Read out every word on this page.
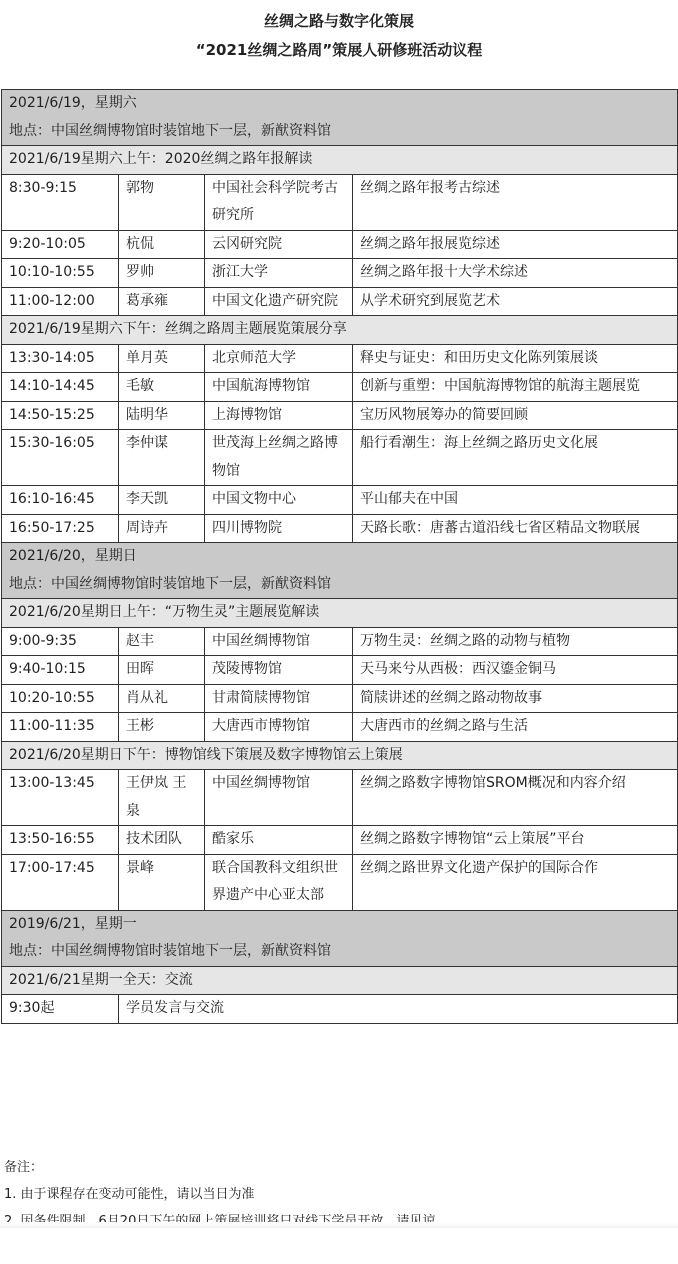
丝绸之路与数字化策展
“2021丝绸之路周”策展人研修班活动议程
2021/6/19，星期六
地点：中国丝绸博物馆时装馆地下一层，新猷资料馆			

2021/6/19星期六上午：2020丝绸之路年报解读			
8:30-9:15	郭物	中国社会科学院考古研究所	丝绸之路年报考古综述
9:20-10:05	杭侃	云冈研究院	丝绸之路年报展览综述
10:10-10:55	罗帅	浙江大学	丝绸之路年报十大学术综述
11:00-12:00	葛承雍	中国文化遗产研究院	从学术研究到展览艺术
2021/6/19星期六下午：丝绸之路周主题展览策展分享			
13:30-14:05	单月英	北京师范大学	释史与证史：和田历史文化陈列策展谈
14:10-14:45	毛敏	中国航海博物馆	创新与重塑：中国航海博物馆的航海主题展览
14:50-15:25	陆明华	上海博物馆	宝历风物展筹办的简要回顾
15:30-16:05	李仲谋	世茂海上丝绸之路博物馆	船行看潮生：海上丝绸之路历史文化展
16:10-16:45	李天凯	中国文物中心	平山郁夫在中国
16:50-17:25	周诗卉	四川博物院	天路长歌：唐蕃古道沿线七省区精品文物联展

2021/6/20，星期日
地点：中国丝绸博物馆时装馆地下一层，新猷资料馆			

2021/6/20星期日上午：“万物生灵”主题展览解读			
9:00-9:35	赵丰	中国丝绸博物馆	万物生灵：丝绸之路的动物与植物
9:40-10:15	田晖	茂陵博物馆	天马来兮从西极：西汉鎏金铜马
10:20-10:55	肖从礼	甘肃简牍博物馆	简牍讲述的丝绸之路动物故事
11:00-11:35	王彬	大唐西市博物馆	大唐西市的丝绸之路与生活
2021/6/20星期日下午：博物馆线下策展及数字博物馆云上策展			
13:00-13:45	王伊岚 王泉	中国丝绸博物馆	丝绸之路数字博物馆SROM概况和内容介绍
13:50-16:55	技术团队	酷家乐	丝绸之路数字博物馆“云上策展”平台
17:00-17:45	景峰	联合国教科文组织世界遗产中心亚太部	丝绸之路世界文化遗产保护的国际合作

2019/6/21，星期一
地点：中国丝绸博物馆时装馆地下一层，新猷资料馆			

2021/6/21星期一全天：交流			
9:30起	学员发言与交流		
备注：
1. 由于课程存在变动可能性，请以当日为准
